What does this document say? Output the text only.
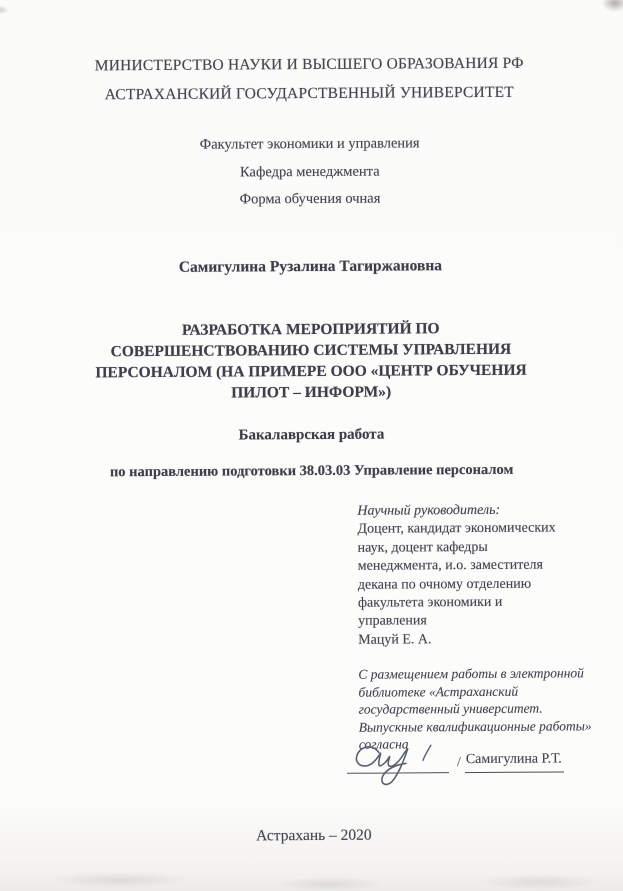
МИНИСТЕРСТВО НАУКИ И ВЫСШЕГО ОБРАЗОВАНИЯ РФ
АСТРАХАНСКИЙ ГОСУДАРСТВЕННЫЙ УНИВЕРСИТЕТ
Факультет экономики и управления
Кафедра менеджмента
Форма обучения очная
Самигулина Рузалина Тагиржановна
РАЗРАБОТКА МЕРОПРИЯТИЙ ПО
СОВЕРШЕНСТВОВАНИЮ СИСТЕМЫ УПРАВЛЕНИЯ
ПЕРСОНАЛОМ (НА ПРИМЕРЕ ООО «ЦЕНТР ОБУЧЕНИЯ
ПИЛОТ – ИНФОРМ»)
Бакалаврская работа
по направлению подготовки 38.03.03 Управление персоналом
Научный руководитель:
Доцент, кандидат экономических
наук, доцент кафедры
менеджмента, и.о. заместителя
декана по очному отделению
факультета экономики и
управления
Мацуй Е. А.
С размещением работы в электронной
библиотеке «Астраханский
государственный университет.
Выпускные квалификационные работы»
согласна
/ Самигулина Р.Т.
Астрахань – 2020
